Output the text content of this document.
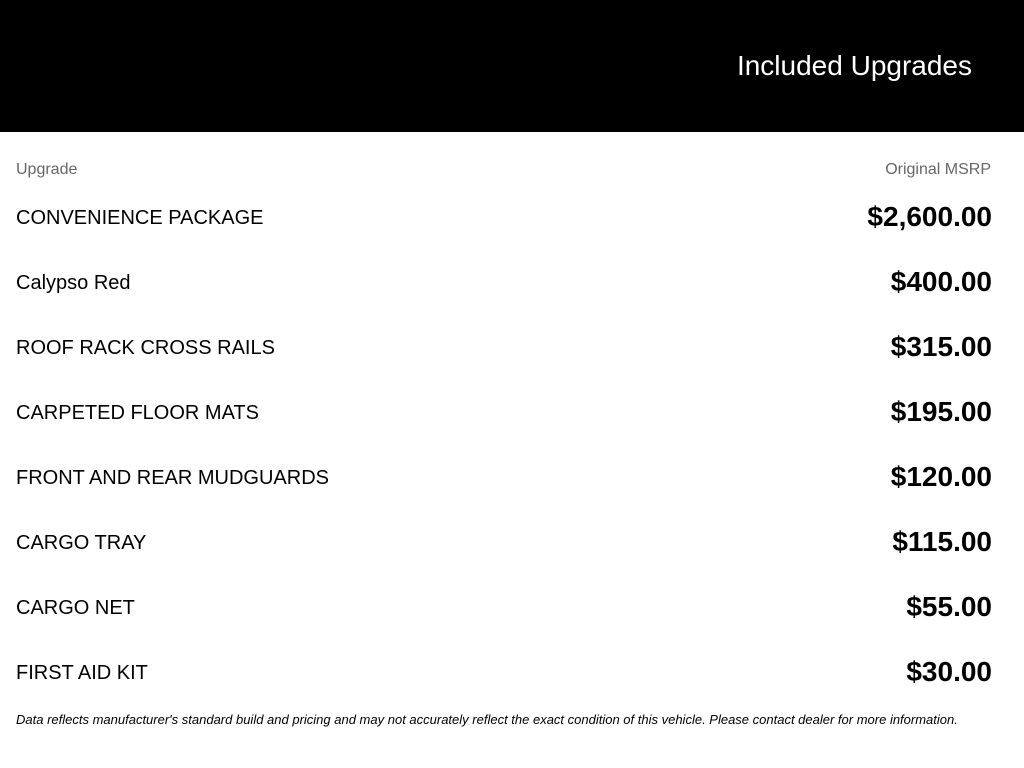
Included Upgrades
Upgrade	Original MSRP
CONVENIENCE PACKAGE	$2,600.00
Calypso Red	$400.00
ROOF RACK CROSS RAILS	$315.00
CARPETED FLOOR MATS	$195.00
FRONT AND REAR MUDGUARDS	$120.00
CARGO TRAY	$115.00
CARGO NET	$55.00
FIRST AID KIT	$30.00
Data reflects manufacturer's standard build and pricing and may not accurately reflect the exact condition of this vehicle. Please contact dealer for more information.
